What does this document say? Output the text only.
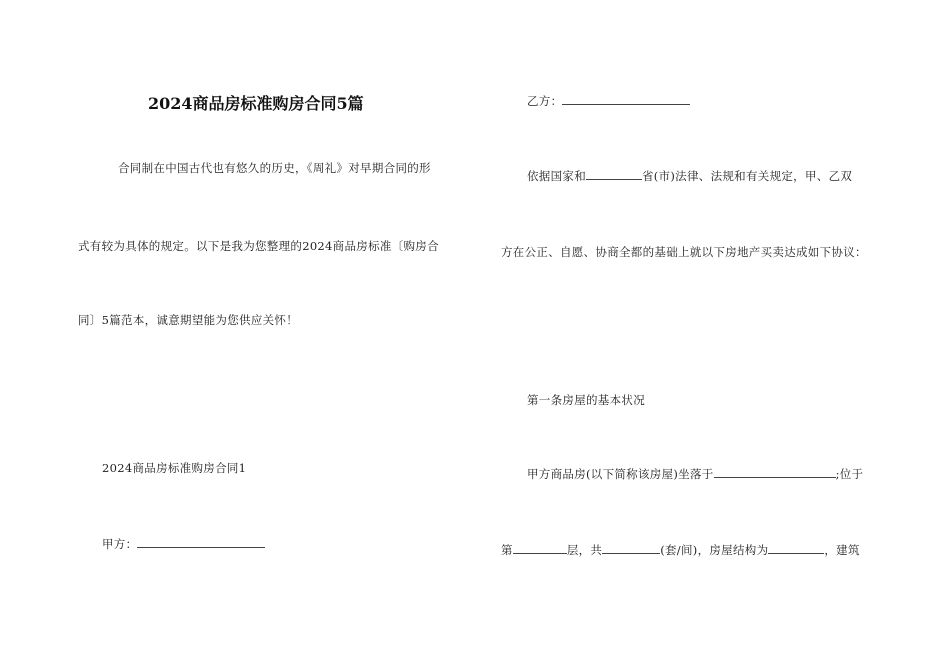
2024商品房标准购房合同5篇
合同制在中国古代也有悠久的历史，《周礼》对早期合同的形
式有较为具体的规定。以下是我为您整理的2024商品房标准〔购房合
同〕5篇范本，诚意期望能为您供应关怀！
2024商品房标准购房合同1
甲方：
乙方：
依据国家和	省(市)法律、法规和有关规定，甲、乙双
方在公正、自愿、协商全都的基础上就以下房地产买卖达成如下协议：
第一条房屋的基本状况
甲方商品房(以下简称该房屋)坐落于	;位于
第	层，共	(套/间)，房屋结构为	，建筑
